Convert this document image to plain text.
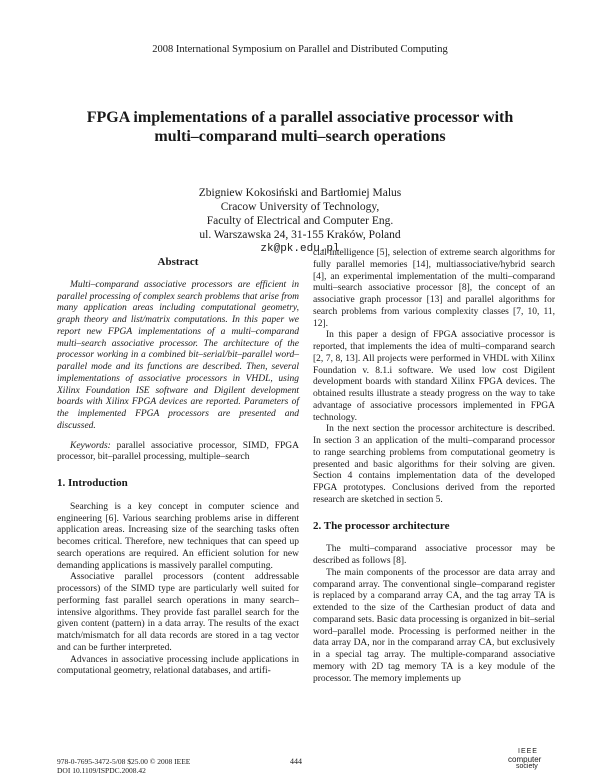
2008 International Symposium on Parallel and Distributed Computing
FPGA implementations of a parallel associative processor with
multi–comparand multi–search operations
Zbigniew Kokosiński and Bartłomiej Malus
Cracow University of Technology,
Faculty of Electrical and Computer Eng.
ul. Warszawska 24, 31-155 Kraków, Poland
zk@pk.edu.pl
Abstract

Multi–comparand associative processors are efficient in parallel processing of complex search problems that arise from many application areas including computational geometry, graph theory and list/matrix computations. In this paper we report new FPGA implementations of a multi–comparand multi–search associative processor. The architecture of the processor working in a combined bit–serial/bit–parallel word–parallel mode and its functions are described. Then, several implementations of associative processors in VHDL, using Xilinx Foundation ISE software and Digilent development boards with Xilinx FPGA devices are reported. Parameters of the implemented FPGA processors are presented and discussed.

Keywords: parallel associative processor, SIMD, FPGA processor, bit–parallel processing, multiple–search

1. Introduction

Searching is a key concept in computer science and engineering [6]. Various searching problems arise in different application areas. Increasing size of the searching tasks often becomes critical. Therefore, new techniques that can speed up search operations are required. An efficient solution for new demanding applications is massively parallel computing.

Associative parallel processors (content addressable processors) of the SIMD type are particularly well suited for performing fast parallel search operations in many search–intensive algorithms. They provide fast parallel search for the given content (pattern) in a data array. The results of the exact match/mismatch for all data records are stored in a tag vector and can be further interpreted.

Advances in associative processing include applications in computational geometry, relational databases, and artifi-

cial intelligence [5], selection of extreme search algorithms for fully parallel memories [14], multiassociative/hybrid search [4], an experimental implementation of the multi–comparand multi–search associative processor [8], the concept of an associative graph processor [13] and parallel algorithms for search problems from various complexity classes [7, 10, 11, 12].

In this paper a design of FPGA associative processor is reported, that implements the idea of multi–comparand search [2, 7, 8, 13]. All projects were performed in VHDL with Xilinx Foundation v. 8.1.i software. We used low cost Digilent development boards with standard Xilinx FPGA devices. The obtained results illustrate a steady progress on the way to take advantage of associative processors implemented in FPGA technology.

In the next section the processor architecture is described. In section 3 an application of the multi–comparand processor to range searching problems from computational geometry is presented and basic algorithms for their solving are given. Section 4 contains implementation data of the developed FPGA prototypes. Conclusions derived from the reported research are sketched in section 5.

2. The processor architecture

The multi–comparand associative processor may be described as follows [8].

The main components of the processor are data array and comparand array. The conventional single–comparand register is replaced by a comparand array CA, and the tag array TA is extended to the size of the Carthesian product of data and comparand sets. Basic data processing is organized in bit–serial word–parallel mode. Processing is performed neither in the data array DA, nor in the comparand array CA, but exclusively in a special tag array. The multiple-comparand associative memory with 2D tag memory TA is a key module of the processor. The memory implements up

978-0-7695-3472-5/08 $25.00 © 2008 IEEE
DOI 10.1109/ISPDC.2008.42
444
IEEE
computer
society
